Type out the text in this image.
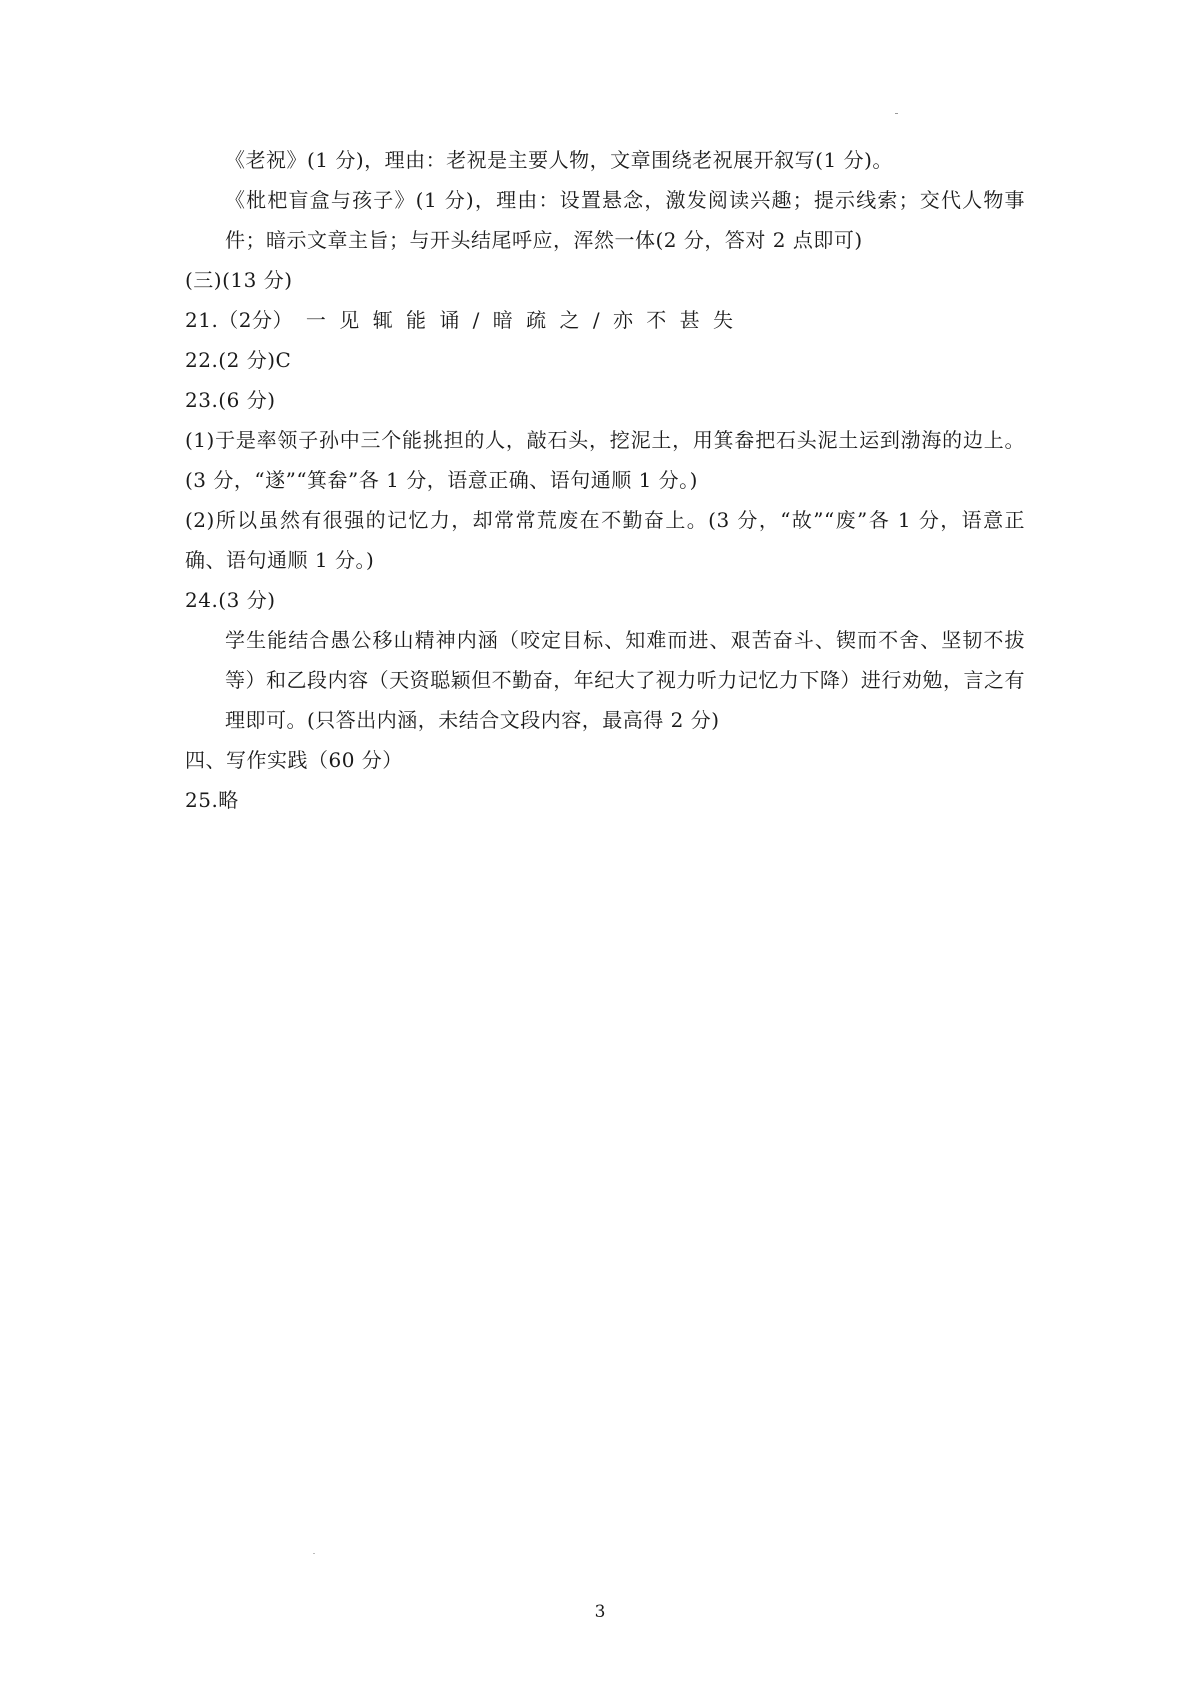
《老祝》(1 分)，理由：老祝是主要人物，文章围绕老祝展开叙写(1 分)。

《枇杷盲盒与孩子》(1 分)，理由：设置悬念，激发阅读兴趣；提示线索；交代人物事件；暗示文章主旨；与开头结尾呼应，浑然一体(2 分，答对 2 点即可)

(三)(13 分)

21.（2分） 一 见 辄 能 诵 / 暗 疏 之 / 亦 不 甚 失

22.(2 分)C

23.(6 分)

(1)于是率领子孙中三个能挑担的人，敲石头，挖泥土，用箕畚把石头泥土运到渤海的边上。(3 分，“遂”“箕畚”各 1 分，语意正确、语句通顺 1 分。)

(2)所以虽然有很强的记忆力，却常常荒废在不勤奋上。(3 分，“故”“废”各 1 分，语意正确、语句通顺 1 分。)

24.(3 分)

学生能结合愚公移山精神内涵（咬定目标、知难而进、艰苦奋斗、锲而不舍、坚韧不拔等）和乙段内容（天资聪颖但不勤奋，年纪大了视力听力记忆力下降）进行劝勉，言之有理即可。(只答出内涵，未结合文段内容，最高得 2 分)

四、写作实践（60 分）

25.略

3
